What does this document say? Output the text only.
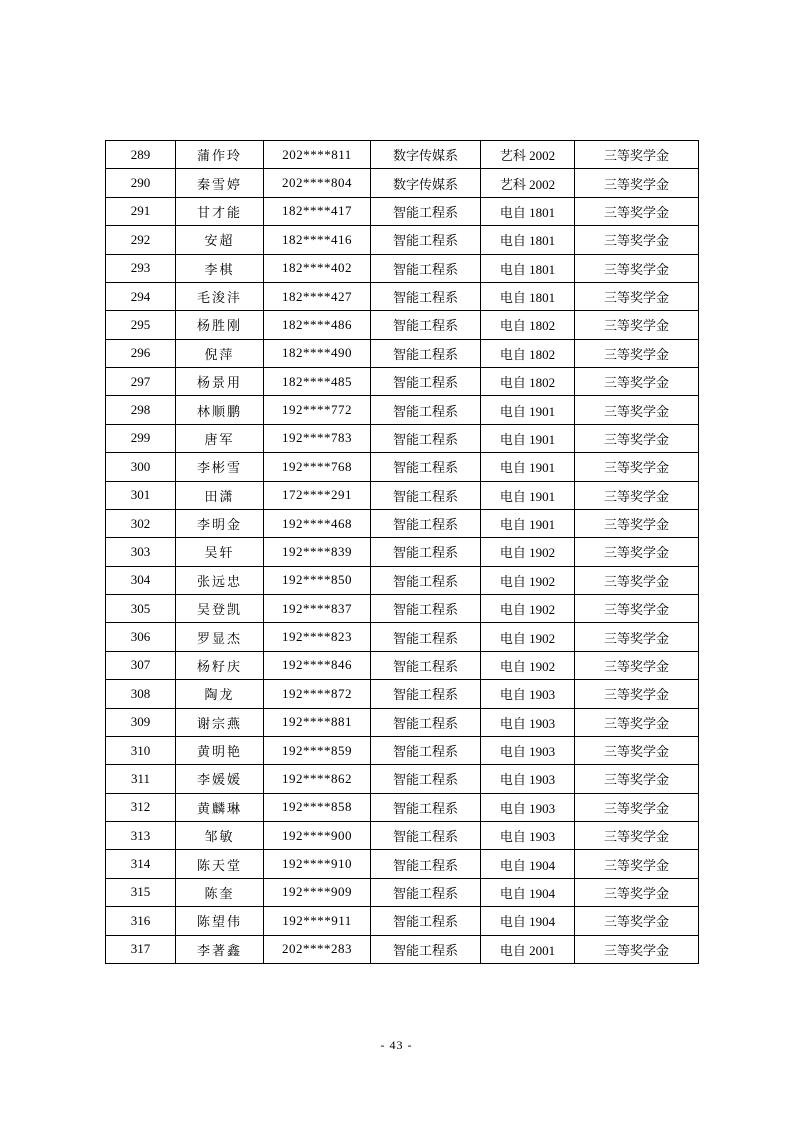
289	蒲作玲	202****811	数字传媒系	艺科 2002	三等奖学金
290	秦雪婷	202****804	数字传媒系	艺科 2002	三等奖学金
291	甘才能	182****417	智能工程系	电自 1801	三等奖学金
292	安超	182****416	智能工程系	电自 1801	三等奖学金
293	李棋	182****402	智能工程系	电自 1801	三等奖学金
294	毛浚沣	182****427	智能工程系	电自 1801	三等奖学金
295	杨胜刚	182****486	智能工程系	电自 1802	三等奖学金
296	倪萍	182****490	智能工程系	电自 1802	三等奖学金
297	杨景用	182****485	智能工程系	电自 1802	三等奖学金
298	林顺鹏	192****772	智能工程系	电自 1901	三等奖学金
299	唐军	192****783	智能工程系	电自 1901	三等奖学金
300	李彬雪	192****768	智能工程系	电自 1901	三等奖学金
301	田潇	172****291	智能工程系	电自 1901	三等奖学金
302	李明金	192****468	智能工程系	电自 1901	三等奖学金
303	吴轩	192****839	智能工程系	电自 1902	三等奖学金
304	张远忠	192****850	智能工程系	电自 1902	三等奖学金
305	吴登凯	192****837	智能工程系	电自 1902	三等奖学金
306	罗显杰	192****823	智能工程系	电自 1902	三等奖学金
307	杨籽庆	192****846	智能工程系	电自 1902	三等奖学金
308	陶龙	192****872	智能工程系	电自 1903	三等奖学金
309	谢宗燕	192****881	智能工程系	电自 1903	三等奖学金
310	黄明艳	192****859	智能工程系	电自 1903	三等奖学金
311	李媛媛	192****862	智能工程系	电自 1903	三等奖学金
312	黄麟琳	192****858	智能工程系	电自 1903	三等奖学金
313	邹敏	192****900	智能工程系	电自 1903	三等奖学金
314	陈天堂	192****910	智能工程系	电自 1904	三等奖学金
315	陈奎	192****909	智能工程系	电自 1904	三等奖学金
316	陈望伟	192****911	智能工程系	电自 1904	三等奖学金
317	李著鑫	202****283	智能工程系	电自 2001	三等奖学金
- 43 -
